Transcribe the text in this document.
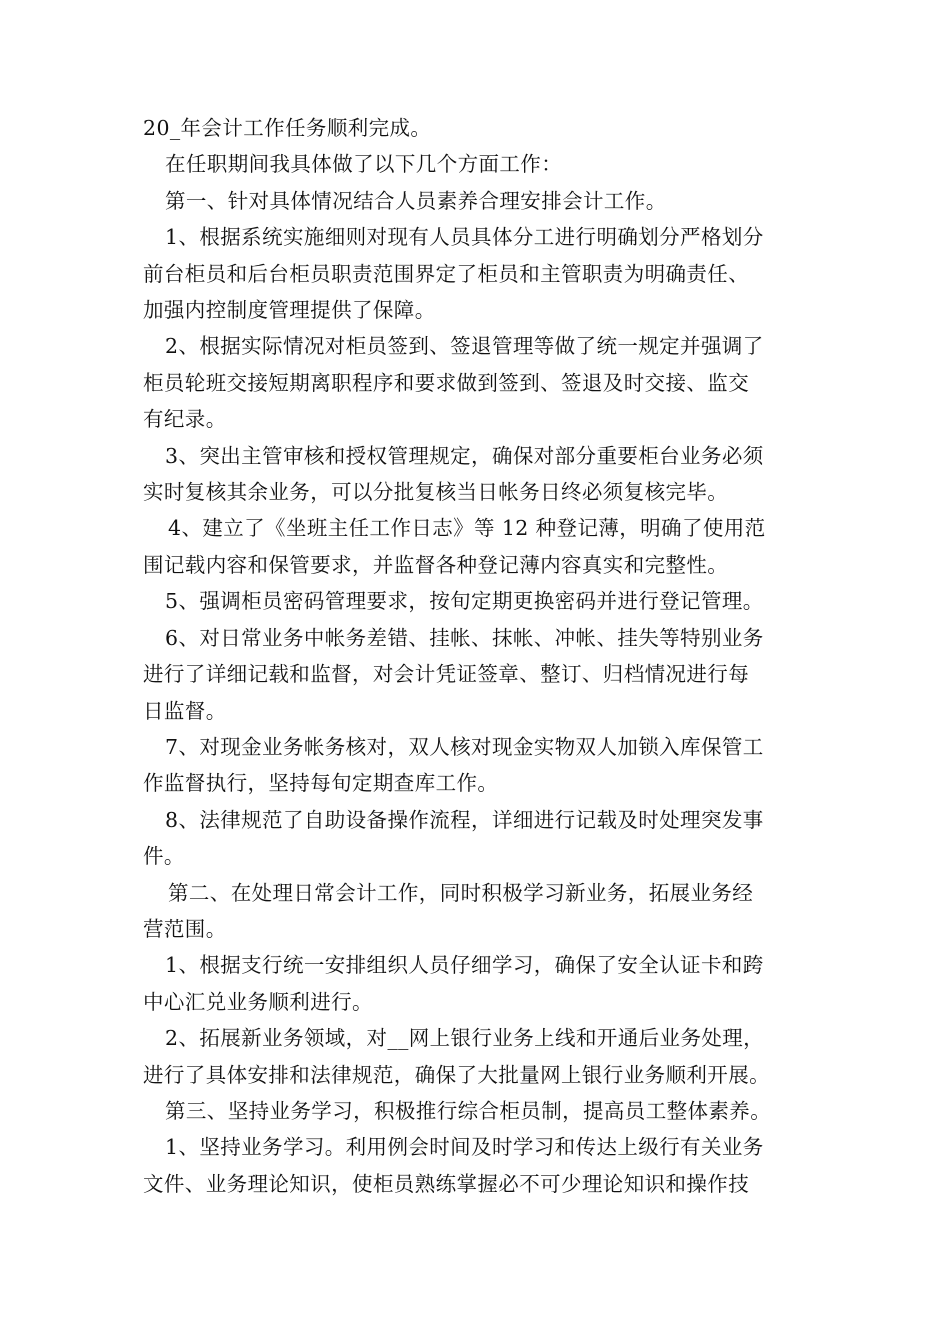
20_年会计工作任务顺利完成。
在任职期间我具体做了以下几个方面工作：
第一、针对具体情况结合人员素养合理安排会计工作。
1、根据系统实施细则对现有人员具体分工进行明确划分严格划分
前台柜员和后台柜员职责范围界定了柜员和主管职责为明确责任、
加强内控制度管理提供了保障。
2、根据实际情况对柜员签到、签退管理等做了统一规定并强调了
柜员轮班交接短期离职程序和要求做到签到、签退及时交接、监交
有纪录。
3、突出主管审核和授权管理规定，确保对部分重要柜台业务必须
实时复核其余业务，可以分批复核当日帐务日终必须复核完毕。
4、建立了《坐班主任工作日志》等 12 种登记薄，明确了使用范
围记载内容和保管要求，并监督各种登记薄内容真实和完整性。
5、强调柜员密码管理要求，按旬定期更换密码并进行登记管理。
6、对日常业务中帐务差错、挂帐、抹帐、冲帐、挂失等特别业务
进行了详细记载和监督，对会计凭证签章、整订、归档情况进行每
日监督。
7、对现金业务帐务核对，双人核对现金实物双人加锁入库保管工
作监督执行，坚持每旬定期查库工作。
8、法律规范了自助设备操作流程，详细进行记载及时处理突发事
件。
第二、在处理日常会计工作，同时积极学习新业务，拓展业务经
营范围。
1、根据支行统一安排组织人员仔细学习，确保了安全认证卡和跨
中心汇兑业务顺利进行。
2、拓展新业务领域，对__网上银行业务上线和开通后业务处理，
进行了具体安排和法律规范，确保了大批量网上银行业务顺利开展。
第三、坚持业务学习，积极推行综合柜员制，提高员工整体素养。
1、坚持业务学习。利用例会时间及时学习和传达上级行有关业务
文件、业务理论知识，使柜员熟练掌握必不可少理论知识和操作技
